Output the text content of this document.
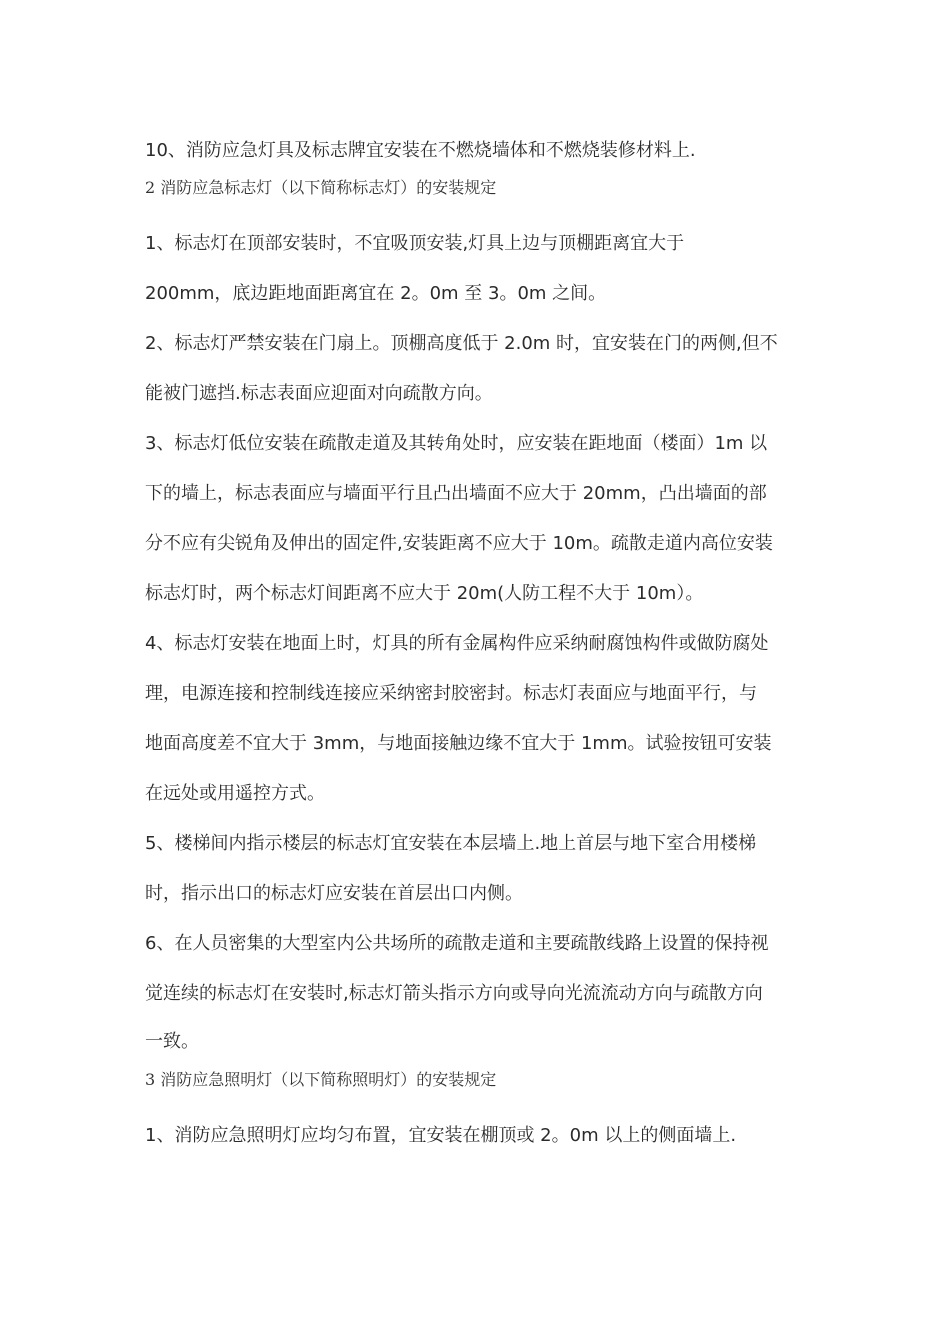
10、消防应急灯具及标志牌宜安装在不燃烧墙体和不燃烧装修材料上.
2 消防应急标志灯（以下简称标志灯）的安装规定
1、标志灯在顶部安装时，不宜吸顶安装,灯具上边与顶棚距离宜大于
200mm，底边距地面距离宜在 2。0m 至 3。0m 之间。
2、标志灯严禁安装在门扇上。顶棚高度低于 2.0m 时，宜安装在门的两侧,但不
能被门遮挡.标志表面应迎面对向疏散方向。
3、标志灯低位安装在疏散走道及其转角处时，应安装在距地面（楼面）1m 以
下的墙上，标志表面应与墙面平行且凸出墙面不应大于 20mm，凸出墙面的部
分不应有尖锐角及伸出的固定件,安装距离不应大于 10m。疏散走道内高位安装
标志灯时，两个标志灯间距离不应大于 20m(人防工程不大于 10m）。
4、标志灯安装在地面上时，灯具的所有金属构件应采纳耐腐蚀构件或做防腐处
理，电源连接和控制线连接应采纳密封胶密封。标志灯表面应与地面平行，与
地面高度差不宜大于 3mm，与地面接触边缘不宜大于 1mm。试验按钮可安装
在远处或用遥控方式。
5、楼梯间内指示楼层的标志灯宜安装在本层墙上.地上首层与地下室合用楼梯
时，指示出口的标志灯应安装在首层出口内侧。
6、在人员密集的大型室内公共场所的疏散走道和主要疏散线路上设置的保持视
觉连续的标志灯在安装时,标志灯箭头指示方向或导向光流流动方向与疏散方向
一致。
3 消防应急照明灯（以下简称照明灯）的安装规定
1、消防应急照明灯应均匀布置，宜安装在棚顶或 2。0m 以上的侧面墙上.
